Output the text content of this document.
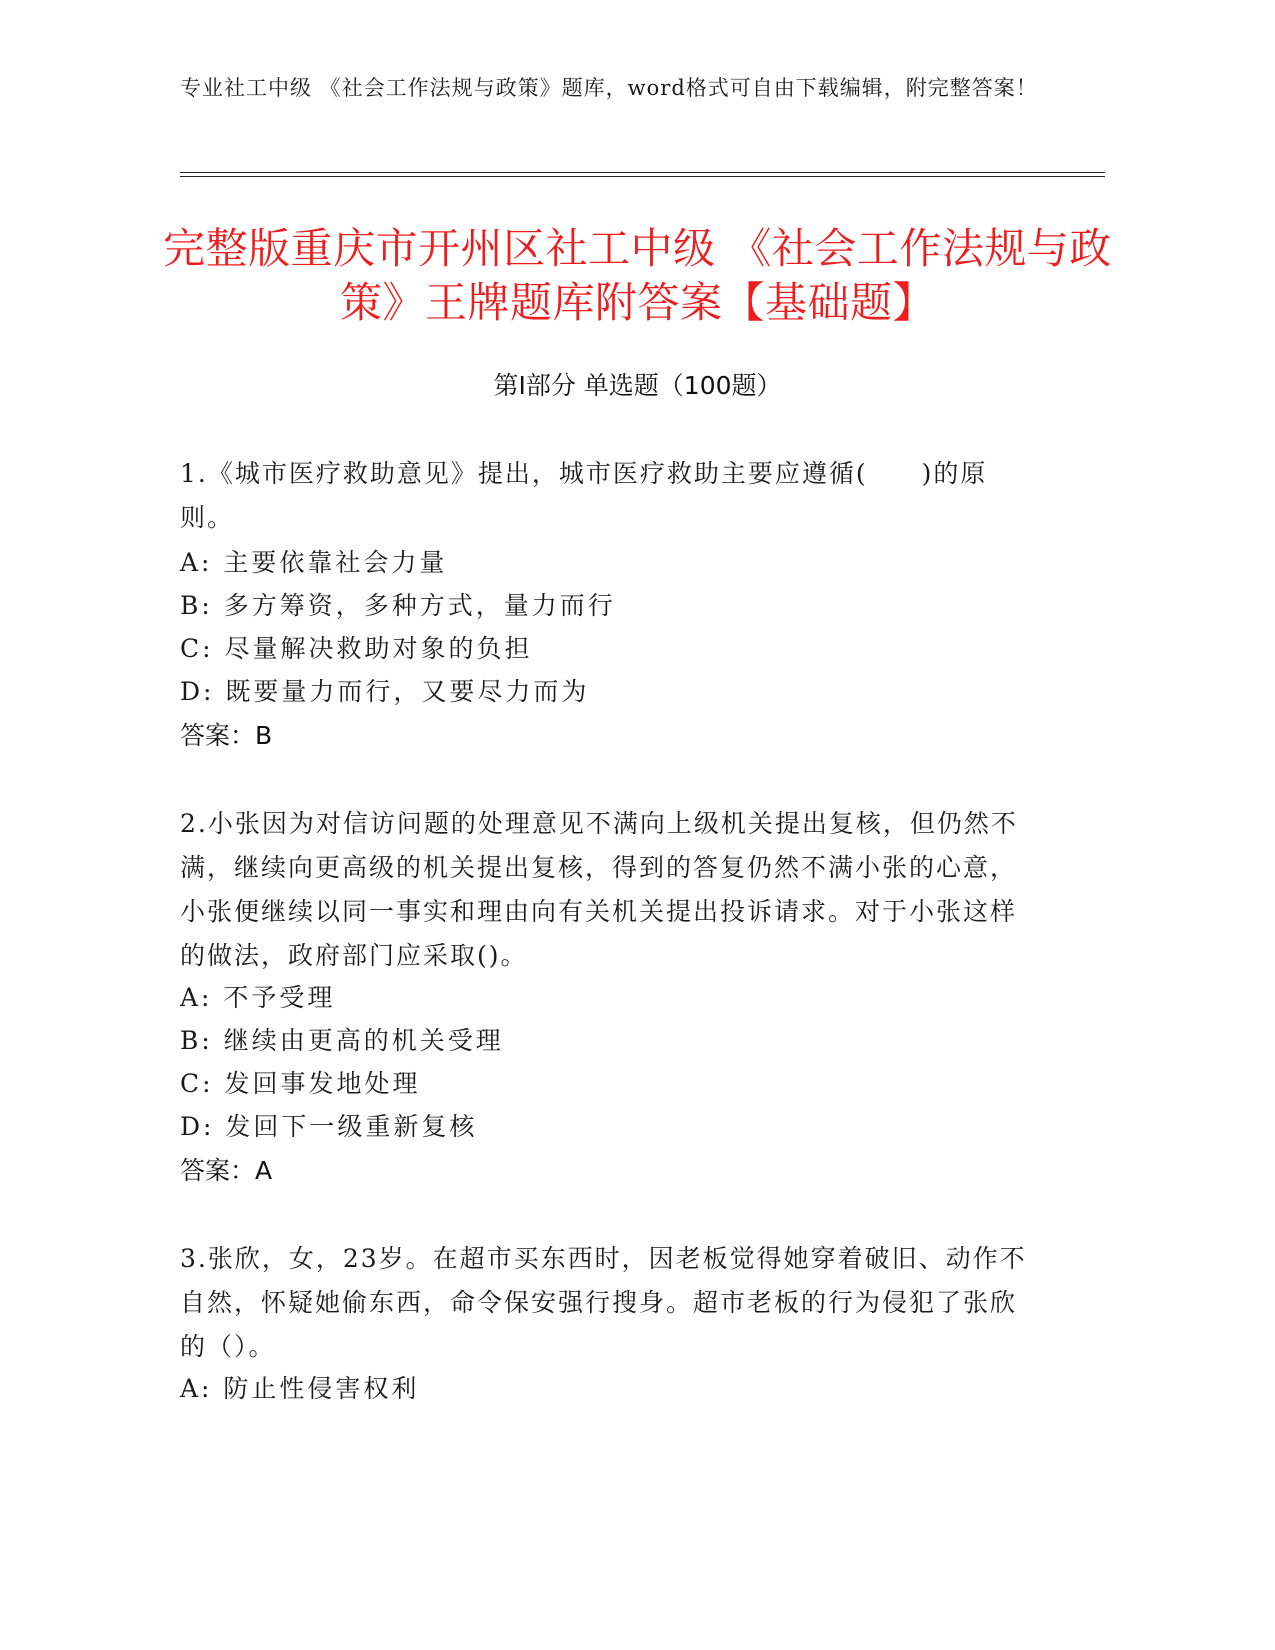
专业社工中级 《社会工作法规与政策》题库，word格式可自由下载编辑，附完整答案！
完整版重庆市开州区社工中级 《社会工作法规与政策》王牌题库附答案【基础题】
第Ⅰ部分 单选题（100题）
1.《城市医疗救助意见》提出，城市医疗救助主要应遵循(　　)的原则。
A: 主要依靠社会力量
B: 多方筹资，多种方式，量力而行
C: 尽量解决救助对象的负担
D: 既要量力而行，又要尽力而为
答案：B
2.小张因为对信访问题的处理意见不满向上级机关提出复核，但仍然不满，继续向更高级的机关提出复核，得到的答复仍然不满小张的心意，小张便继续以同一事实和理由向有关机关提出投诉请求。对于小张这样的做法，政府部门应采取()。
A: 不予受理
B: 继续由更高的机关受理
C: 发回事发地处理
D: 发回下一级重新复核
答案：A
3.张欣，女，23岁。在超市买东西时，因老板觉得她穿着破旧、动作不自然，怀疑她偷东西，命令保安强行搜身。超市老板的行为侵犯了张欣的（）。
A: 防止性侵害权利
